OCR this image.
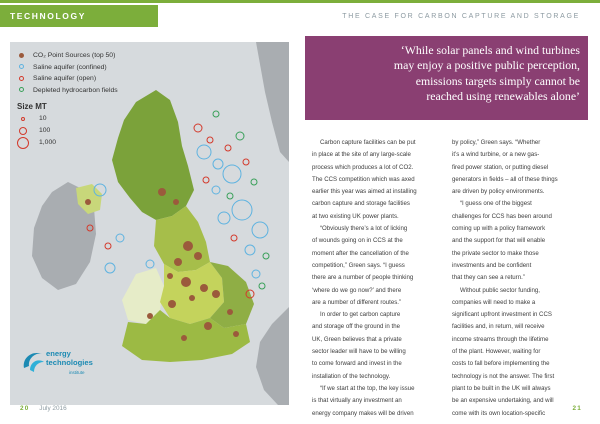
TECHNOLOGY	THE CASE FOR CARBON CAPTURE AND STORAGE
CO₂ Point Sources (top 50)
Saline aquifer (confined)
Saline aquifer (open)
Depleted hydrocarbon fields
Size MT
10
100
1,000
energy
technologies
institute
‘While solar panels and wind turbines
may enjoy a positive public perception,
emissions targets simply cannot be
reached using renewables alone’
Carbon capture facilities can be put
in place at the site of any large-scale
process which produces a lot of CO2.
The CCS competition which was axed
earlier this year was aimed at installing
carbon capture and storage facilities
at two existing UK power plants.
“Obviously there’s a lot of licking
of wounds going on in CCS at the
moment after the cancellation of the
competition,” Green says. “I guess
there are a number of people thinking
‘where do we go now?’ and there
are a number of different routes.”
In order to get carbon capture
and storage off the ground in the
UK, Green believes that a private
sector leader will have to be willing
to come forward and invest in the
installation of the technology.
“If we start at the top, the key issue
is that virtually any investment an
energy company makes will be driven
by policy,” Green says. “Whether
it’s a wind turbine, or a new gas-
fired power station, or putting diesel
generators in fields – all of these things
are driven by policy environments.
“I guess one of the biggest
challenges for CCS has been around
coming up with a policy framework
and the support for that will enable
the private sector to make those
investments and be confident
that they can see a return.”
Without public sector funding,
companies will need to make a
significant upfront investment in CCS
facilities and, in return, will receive
income streams through the lifetime
of the plant. However, waiting for
costs to fall before implementing the
technology is not the answer. The first
plant to be built in the UK will always
be an expensive undertaking, and will
come with its own location-specific
20 July 2016	21
